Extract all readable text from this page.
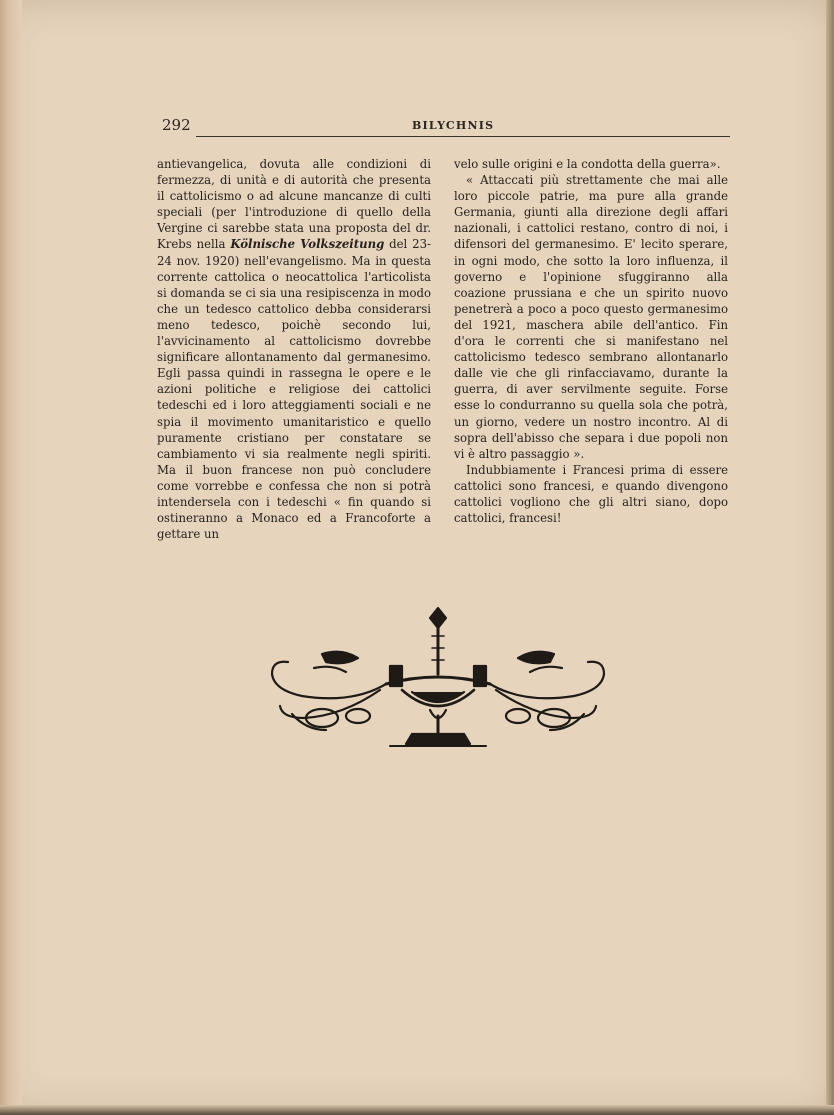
292	BILYCHNIS

antievangelica, dovuta alle condizioni di fermezza, di unità e di autorità che presenta il cattolicismo o ad alcune mancanze di culti speciali (per l'introduzione di quello della Vergine ci sarebbe stata una proposta del dr. Krebs nella Kölnische Volkszeitung del 23-24 nov. 1920) nell'evangelismo. Ma in questa corrente cattolica o neocattolica l'articolista si domanda se ci sia una resipiscenza in modo che un tedesco cattolico debba considerarsi meno tedesco, poichè secondo lui, l'avvicinamento al cattolicismo dovrebbe significare allontanamento dal germanesimo. Egli passa quindi in rassegna le opere e le azioni politiche e religiose dei cattolici tedeschi ed i loro atteggiamenti sociali e ne spia il movimento umanitaristico e quello puramente cristiano per constatare se cambiamento vi sia realmente negli spiriti. Ma il buon francese non può concludere come vorrebbe e confessa che non si potrà intendersela con i tedeschi « fin quando si ostineranno a Monaco ed a Francoforte a gettare un

velo sulle origini e la condotta della guerra».

« Attaccati più strettamente che mai alle loro piccole patrie, ma pure alla grande Germania, giunti alla direzione degli affari nazionali, i cattolici restano, contro di noi, i difensori del germanesimo. E' lecito sperare, in ogni modo, che sotto la loro influenza, il governo e l'opinione sfuggiranno alla coazione prussiana e che un spirito nuovo penetrerà a poco a poco questo germanesimo del 1921, maschera abile dell'antico. Fin d'ora le correnti che si manifestano nel cattolicismo tedesco sembrano allontanarlo dalle vie che gli rinfacciavamo, durante la guerra, di aver servilmente seguite. Forse esse lo condurranno su quella sola che potrà, un giorno, vedere un nostro incontro. Al di sopra dell'abisso che separa i due popoli non vi è altro passaggio ».

Indubbiamente i Francesi prima di essere cattolici sono francesi, e quando divengono cattolici vogliono che gli altri siano, dopo cattolici, francesi!
